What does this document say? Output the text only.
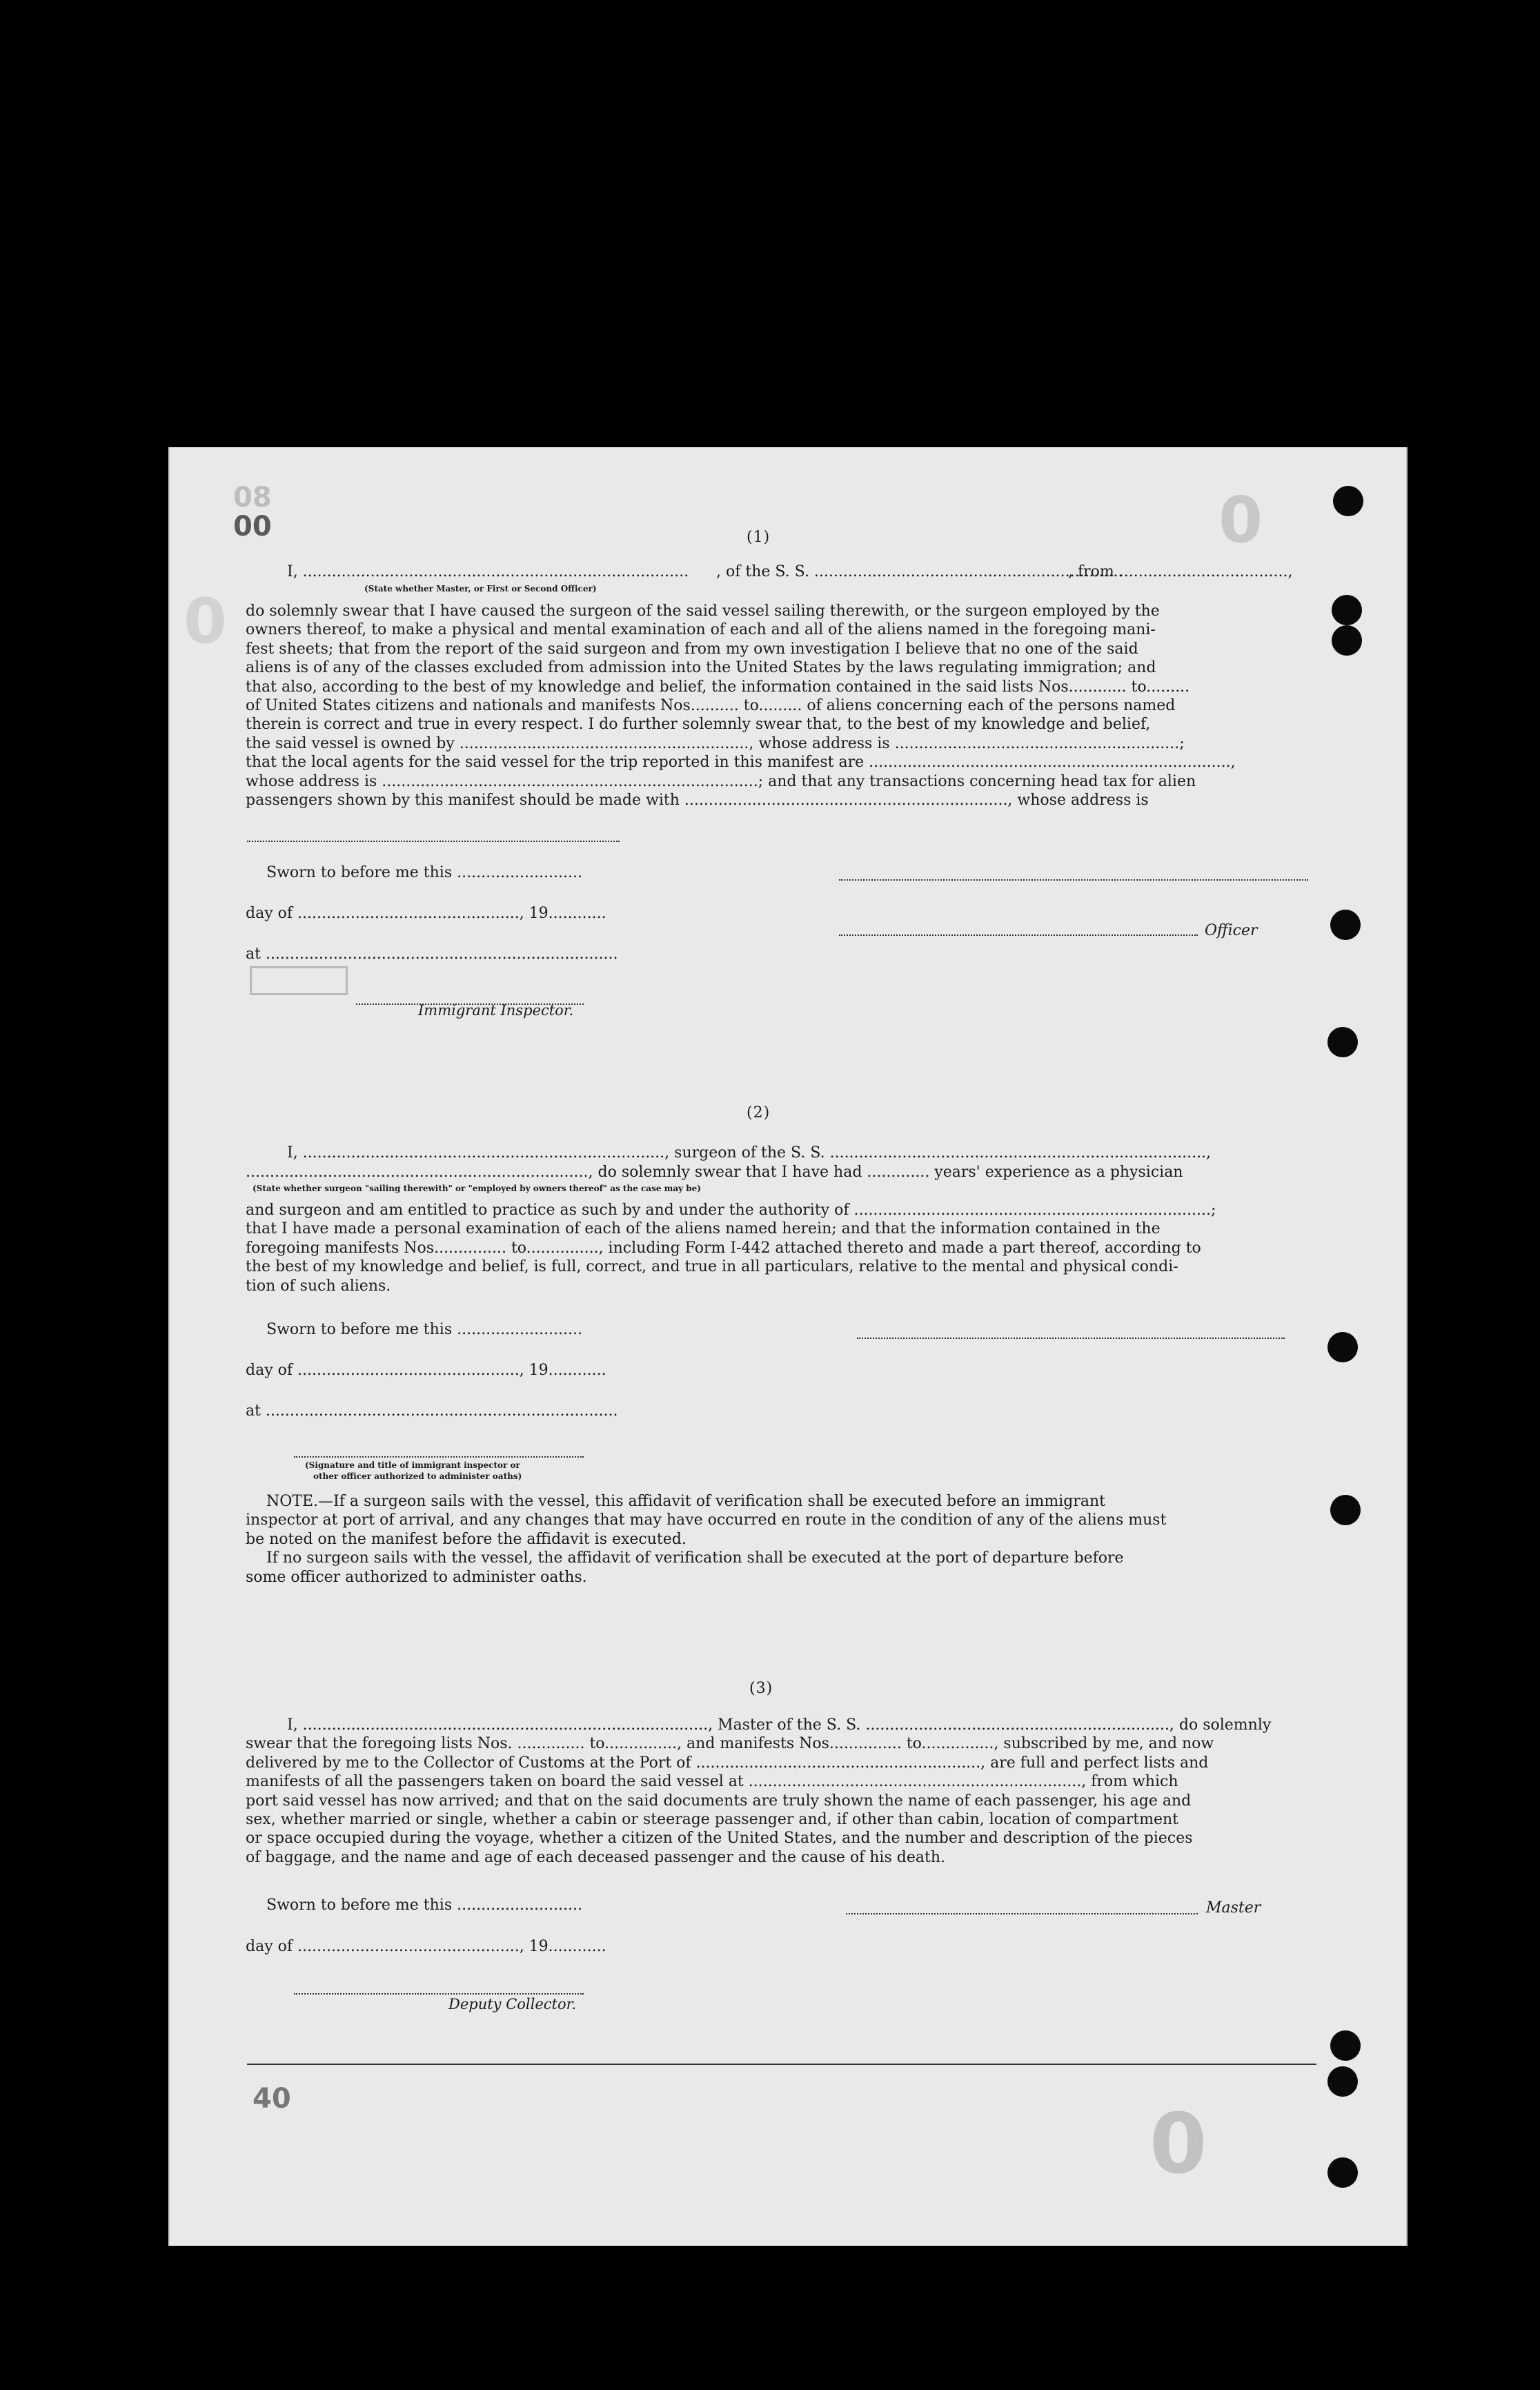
08
00	0
0
40	0
(1)
I, ................................................................................ , of the S. S. ................................................................
, from ...................................,
(State whether Master, or First or Second Officer)
do solemnly swear that I have caused the surgeon of the said vessel sailing therewith, or the surgeon employed by the
owners thereof, to make a physical and mental examination of each and all of the aliens named in the foregoing mani-
fest sheets; that from the report of the said surgeon and from my own investigation I believe that no one of the said
aliens is of any of the classes excluded from admission into the United States by the laws regulating immigration; and
that also, according to the best of my knowledge and belief, the information contained in the said lists Nos............ to.........
of United States citizens and nationals and manifests Nos.......... to......... of aliens concerning each of the persons named
therein is correct and true in every respect. I do further solemnly swear that, to the best of my knowledge and belief,
the said vessel is owned by ............................................................, whose address is ...........................................................;
that the local agents for the said vessel for the trip reported in this manifest are ...........................................................................,
whose address is ..............................................................................; and that any transactions concerning head tax for alien
passengers shown by this manifest should be made with ..................................................................., whose address is
Sworn to before me this ..........................
day of .............................................., 19............
Officer
at .........................................................................
Immigrant Inspector.
(2)
I, ..........................................................................., surgeon of the S. S. ..............................................................................,
......................................................................., do solemnly swear that I have had ............. years' experience as a physician
(State whether surgeon "sailing therewith" or "employed by owners thereof" as the case may be)
and surgeon and am entitled to practice as such by and under the authority of ..........................................................................;
that I have made a personal examination of each of the aliens named herein; and that the information contained in the
foregoing manifests Nos............... to..............., including Form I-442 attached thereto and made a part thereof, according to
the best of my knowledge and belief, is full, correct, and true in all particulars, relative to the mental and physical condi-
tion of such aliens.
Sworn to before me this ..........................
day of .............................................., 19............
at .........................................................................
(Signature and title of immigrant inspector or
other officer authorized to administer oaths)
NOTE.—If a surgeon sails with the vessel, this affidavit of verification shall be executed before an immigrant
inspector at port of arrival, and any changes that may have occurred en route in the condition of any of the aliens must
be noted on the manifest before the affidavit is executed.
If no surgeon sails with the vessel, the affidavit of verification shall be executed at the port of departure before
some officer authorized to administer oaths.
(3)
I, ...................................................................................., Master of the S. S. ..............................................................., do solemnly
swear that the foregoing lists Nos. .............. to..............., and manifests Nos............... to..............., subscribed by me, and now
delivered by me to the Collector of Customs at the Port of ..........................................................., are full and perfect lists and
manifests of all the passengers taken on board the said vessel at ....................................................................., from which
port said vessel has now arrived; and that on the said documents are truly shown the name of each passenger, his age and
sex, whether married or single, whether a cabin or steerage passenger and, if other than cabin, location of compartment
or space occupied during the voyage, whether a citizen of the United States, and the number and description of the pieces
of baggage, and the name and age of each deceased passenger and the cause of his death.
Sworn to before me this ..........................	Master
day of .............................................., 19............
Deputy Collector.
